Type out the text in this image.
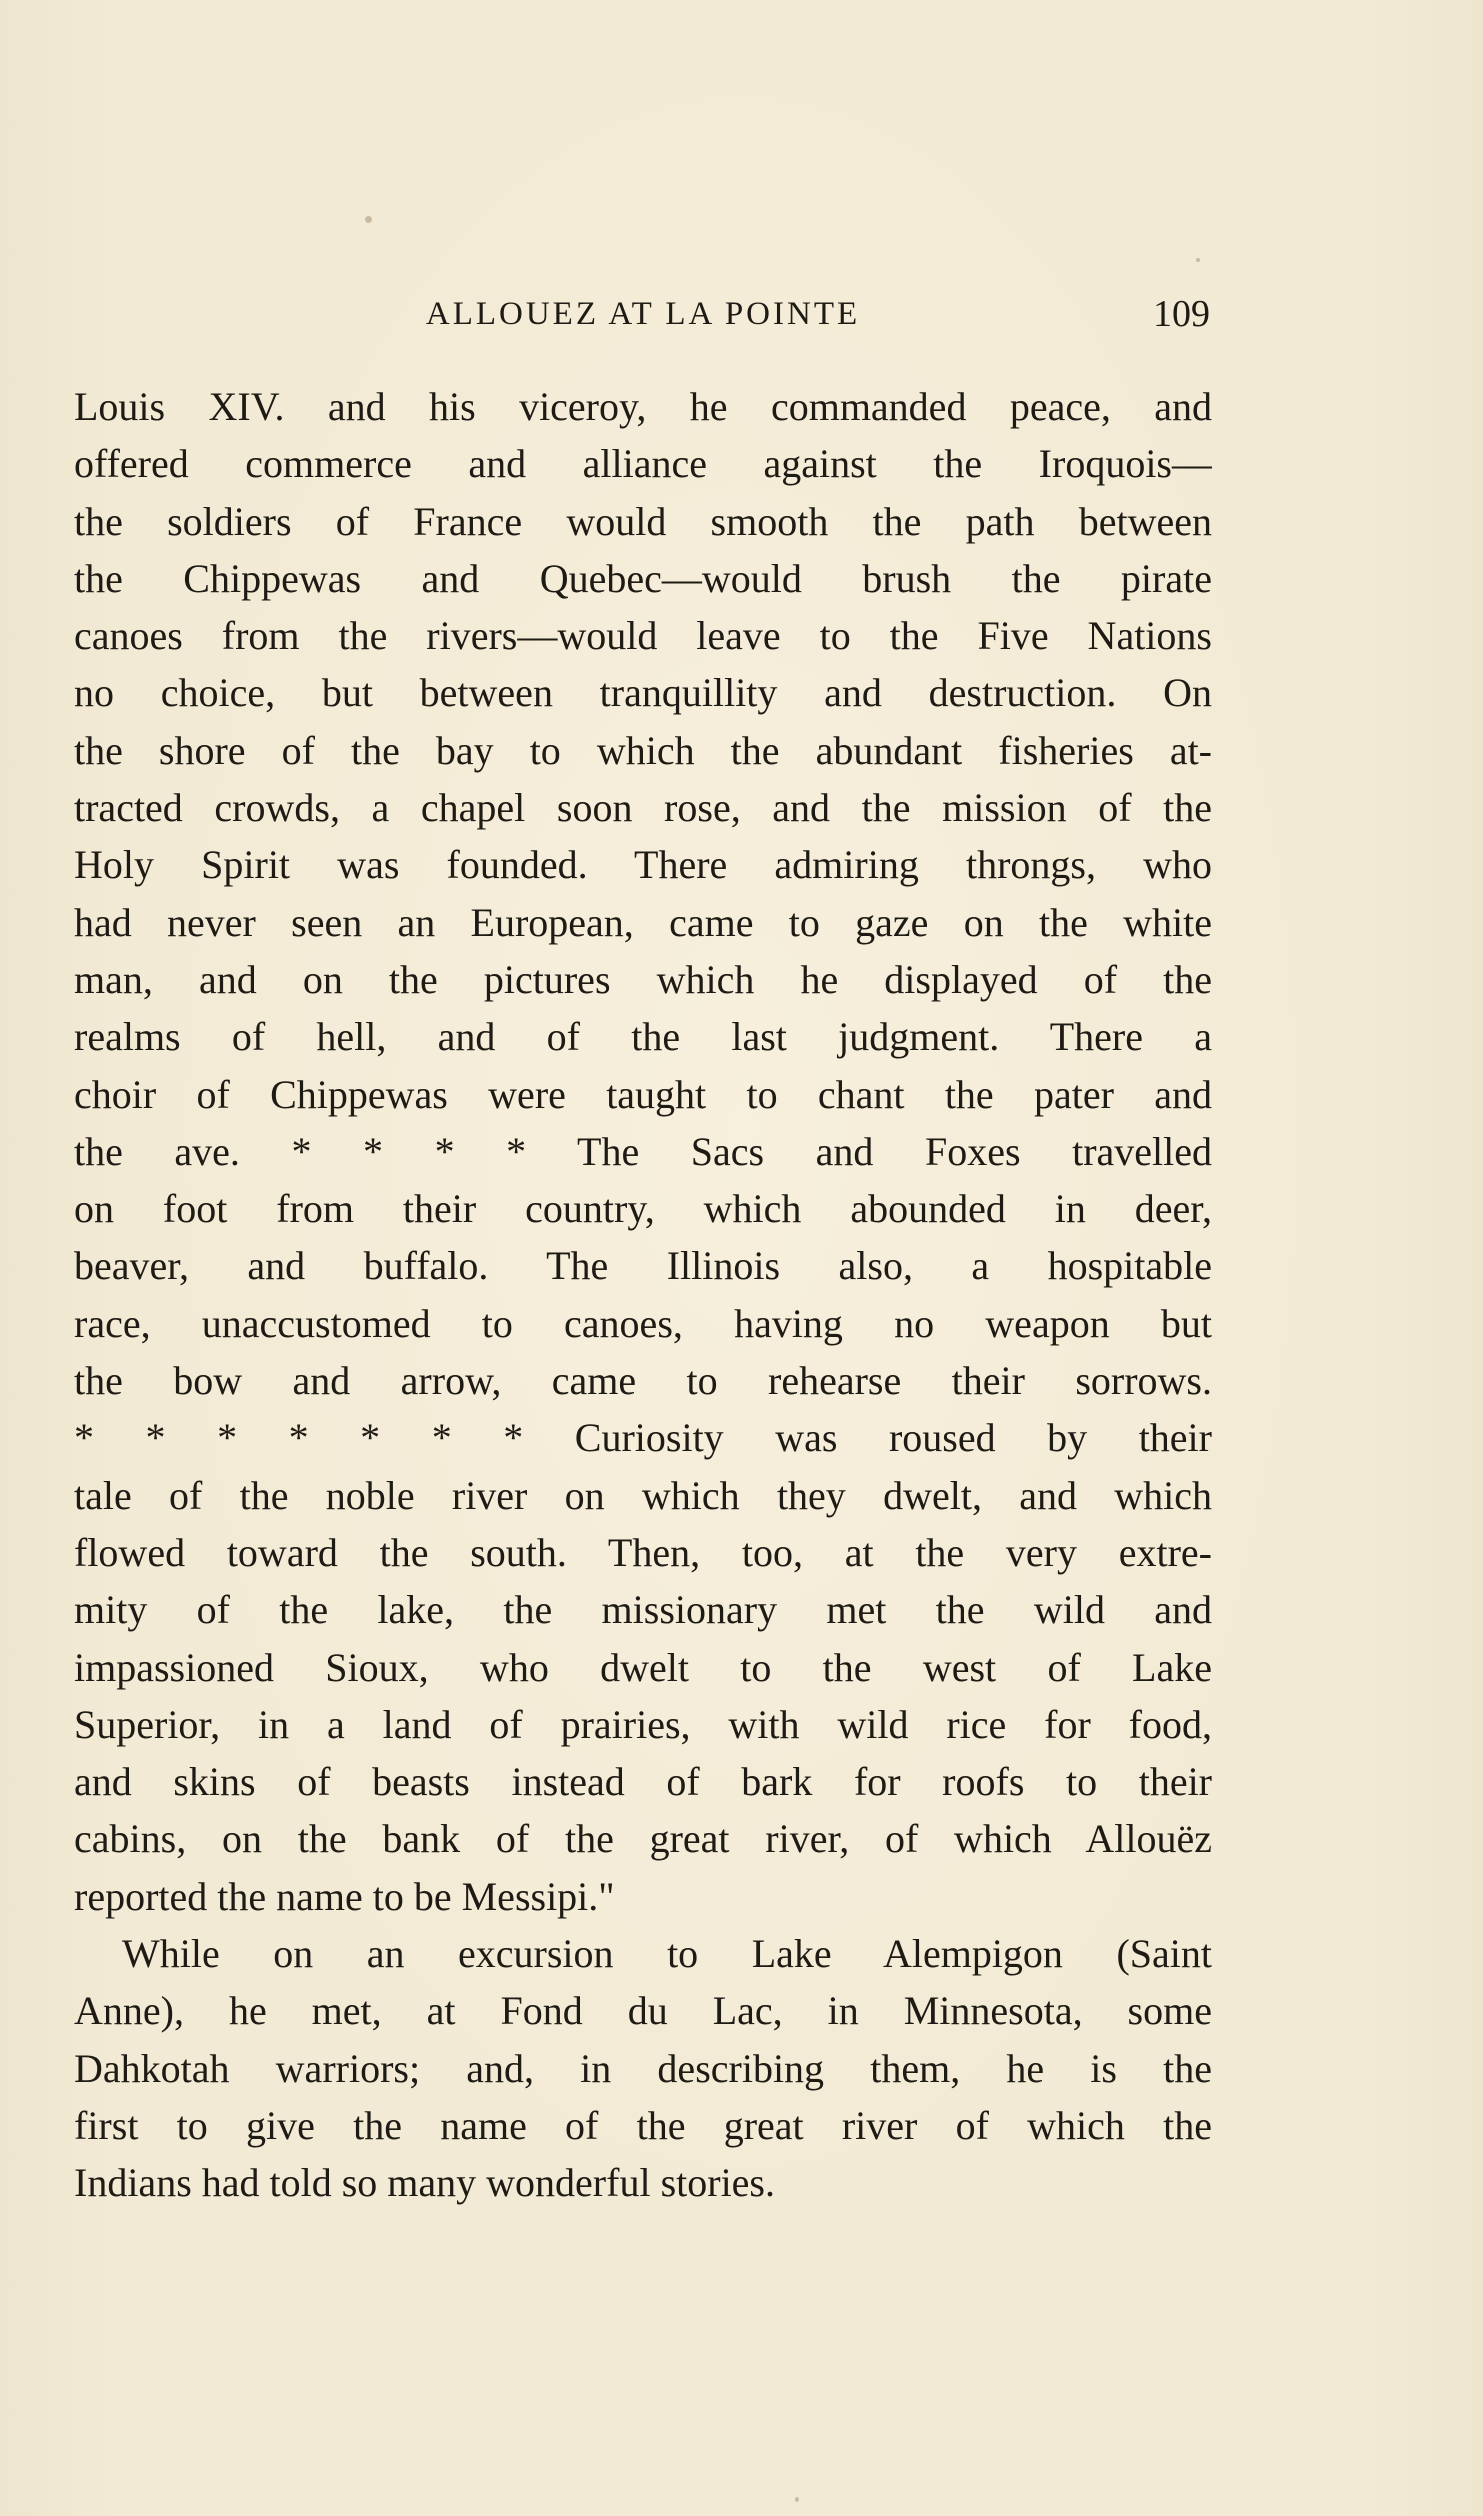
ALLOUEZ AT LA POINTE	109
Louis XIV. and his viceroy, he commanded peace, and
offered commerce and alliance against the Iroquois—
the soldiers of France would smooth the path between
the Chippewas and Quebec—would brush the pirate
canoes from the rivers—would leave to the Five Nations
no choice, but between tranquillity and destruction. On
the shore of the bay to which the abundant fisheries at-
tracted crowds, a chapel soon rose, and the mission of the
Holy Spirit was founded. There admiring throngs, who
had never seen an European, came to gaze on the white
man, and on the pictures which he displayed of the
realms of hell, and of the last judgment. There a
choir of Chippewas were taught to chant the pater and
the ave. * * * * The Sacs and Foxes travelled
on foot from their country, which abounded in deer,
beaver, and buffalo. The Illinois also, a hospitable
race, unaccustomed to canoes, having no weapon but
the bow and arrow, came to rehearse their sorrows.
* * * * * * * Curiosity was roused by their
tale of the noble river on which they dwelt, and which
flowed toward the south. Then, too, at the very extre-
mity of the lake, the missionary met the wild and
impassioned Sioux, who dwelt to the west of Lake
Superior, in a land of prairies, with wild rice for food,
and skins of beasts instead of bark for roofs to their
cabins, on the bank of the great river, of which Allouëz
reported the name to be Messipi."
While on an excursion to Lake Alempigon (Saint
Anne), he met, at Fond du Lac, in Minnesota, some
Dahkotah warriors; and, in describing them, he is the
first to give the name of the great river of which the
Indians had told so many wonderful stories.
